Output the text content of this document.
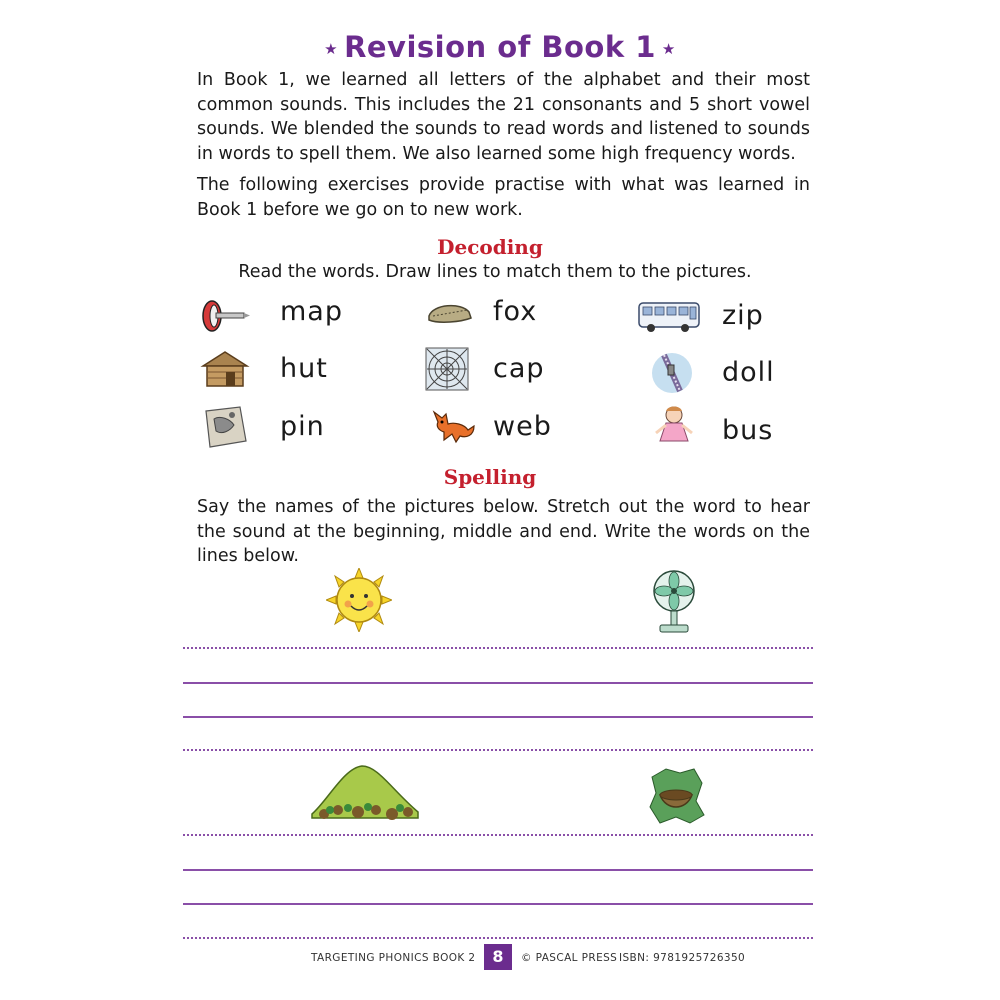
★ Revision of Book 1 ★
In Book 1, we learned all letters of the alphabet and their most common sounds. This includes the 21 consonants and 5 short vowel sounds. We blended the sounds to read words and listened to sounds in words to spell them. We also learned some high frequency words.
The following exercises provide practise with what was learned in Book 1 before we go on to new work.
Decoding
Read the words. Draw lines to match them to the pictures.
map
hut
pin
fox
cap
web
zip
doll
bus
Spelling
Say the names of the pictures below. Stretch out the word to hear the sound at the beginning, middle and end. Write the words on the lines below.
TARGETING PHONICS BOOK 2	8	© PASCAL PRESS ISBN: 9781925726350
